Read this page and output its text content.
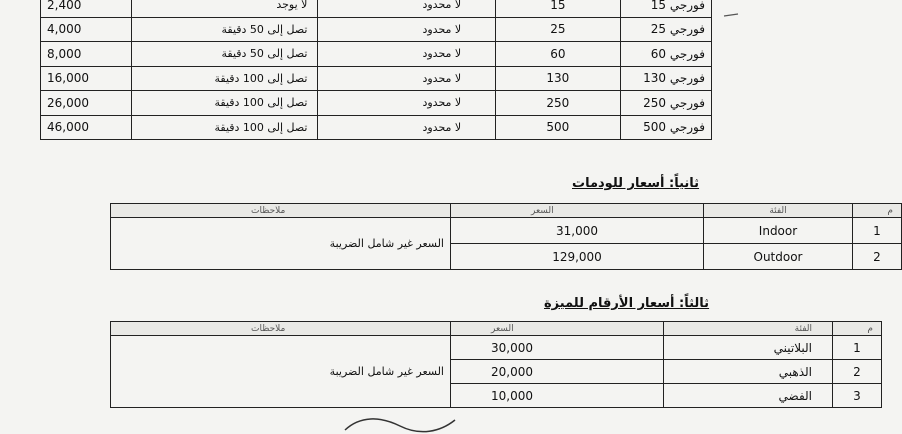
2,400	لا يوجد	لا محدود	15	فورجي 15
4,000	تصل إلى 50 دقيقة	لا محدود	25	فورجي 25
8,000	تصل إلى 50 دقيقة	لا محدود	60	فورجي 60
16,000	تصل إلى 100 دقيقة	لا محدود	130	فورجي 130
26,000	تصل إلى 100 دقيقة	لا محدود	250	فورجي 250
46,000	تصل إلى 100 دقيقة	لا محدود	500	فورجي 500
ثانياً: أسعار للودمات
ملاحظات	السعر	الفئة	م
السعر غير شامل الضريبة	31,000	Indoor	1
	129,000	Outdoor	2
ثالثاً: أسعار الأرقام للميزة
ملاحظات	السعر	الفئة	م
السعر غير شامل الضريبة	30,000	البلاتيني	1
	20,000	الذهبي	2
	10,000	الفضي	3
